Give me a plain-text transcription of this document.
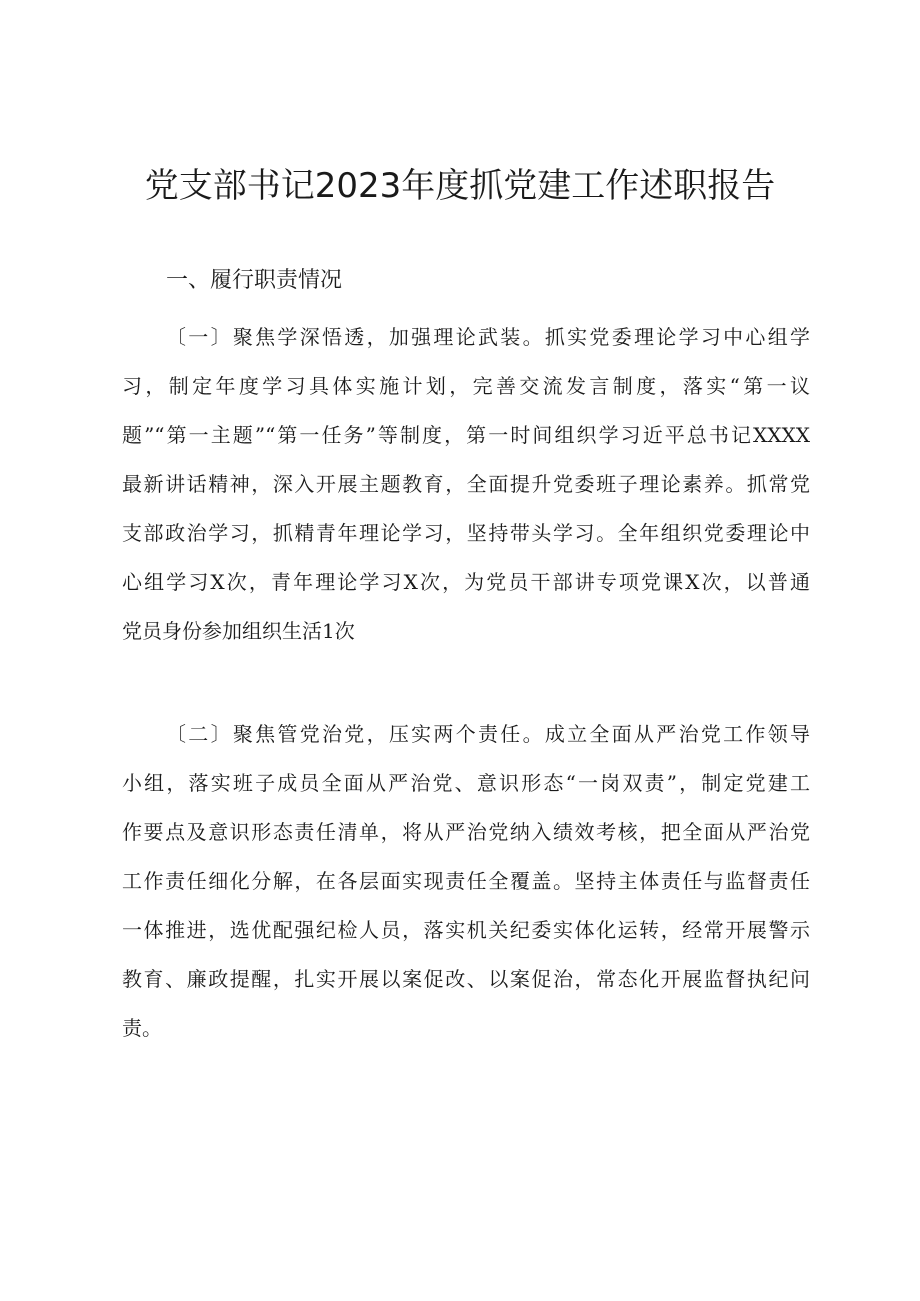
党支部书记2023年度抓党建工作述职报告
一、履行职责情况

〔一〕聚焦学深悟透，加强理论武装。抓实党委理论学习中心组学
习，制定年度学习具体实施计划，完善交流发言制度，落实“第一议
题”“第一主题”“第一任务”等制度，第一时间组织学习近平总书记XXXX
最新讲话精神，深入开展主题教育，全面提升党委班子理论素养。抓常党
支部政治学习，抓精青年理论学习，坚持带头学习。全年组织党委理论中
心组学习X次，青年理论学习X次，为党员干部讲专项党课X次，以普通
党员身份参加组织生活1次

〔二〕聚焦管党治党，压实两个责任。成立全面从严治党工作领导
小组，落实班子成员全面从严治党、意识形态“一岗双责”，制定党建工
作要点及意识形态责任清单，将从严治党纳入绩效考核，把全面从严治党
工作责任细化分解，在各层面实现责任全覆盖。坚持主体责任与监督责任
一体推进，选优配强纪检人员，落实机关纪委实体化运转，经常开展警示
教育、廉政提醒，扎实开展以案促改、以案促治，常态化开展监督执纪问
责。
